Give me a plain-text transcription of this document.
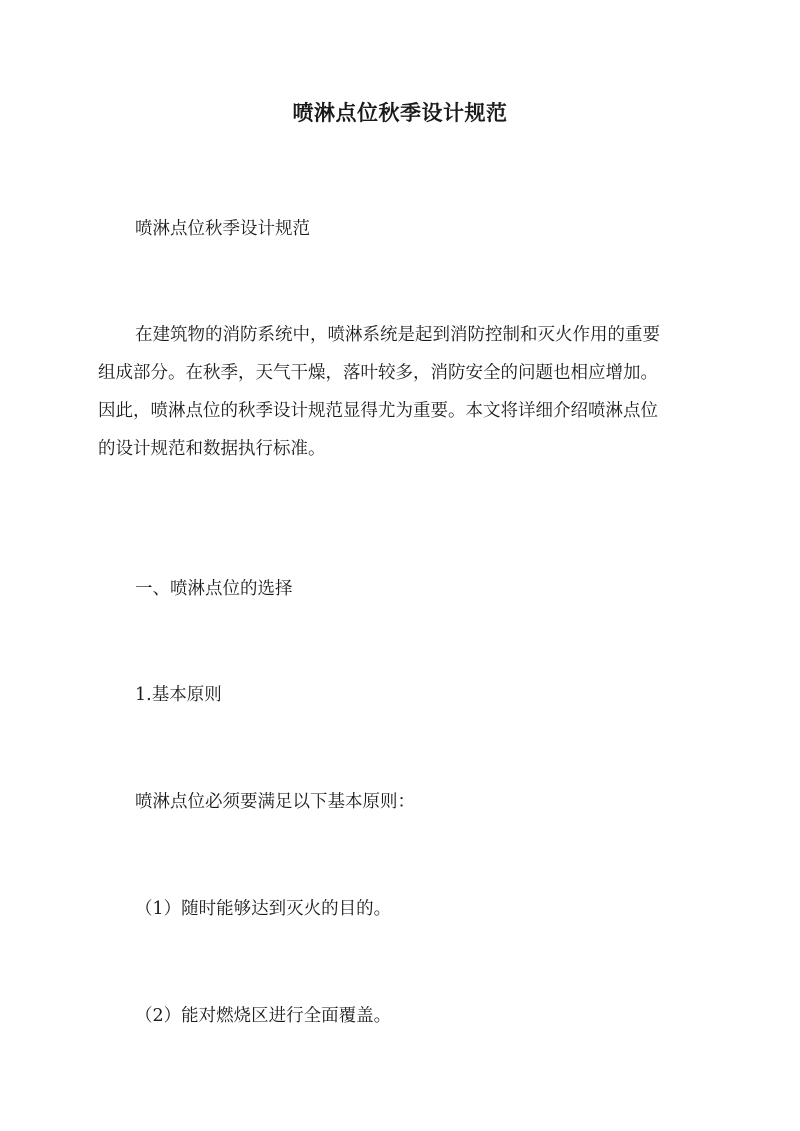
喷淋点位秋季设计规范

喷淋点位秋季设计规范

在建筑物的消防系统中，喷淋系统是起到消防控制和灭火作用的重要
组成部分。在秋季，天气干燥，落叶较多，消防安全的问题也相应增加。
因此，喷淋点位的秋季设计规范显得尤为重要。本文将详细介绍喷淋点位
的设计规范和数据执行标准。

一、喷淋点位的选择

1.基本原则

喷淋点位必须要满足以下基本原则：

（1）随时能够达到灭火的目的。

（2）能对燃烧区进行全面覆盖。
